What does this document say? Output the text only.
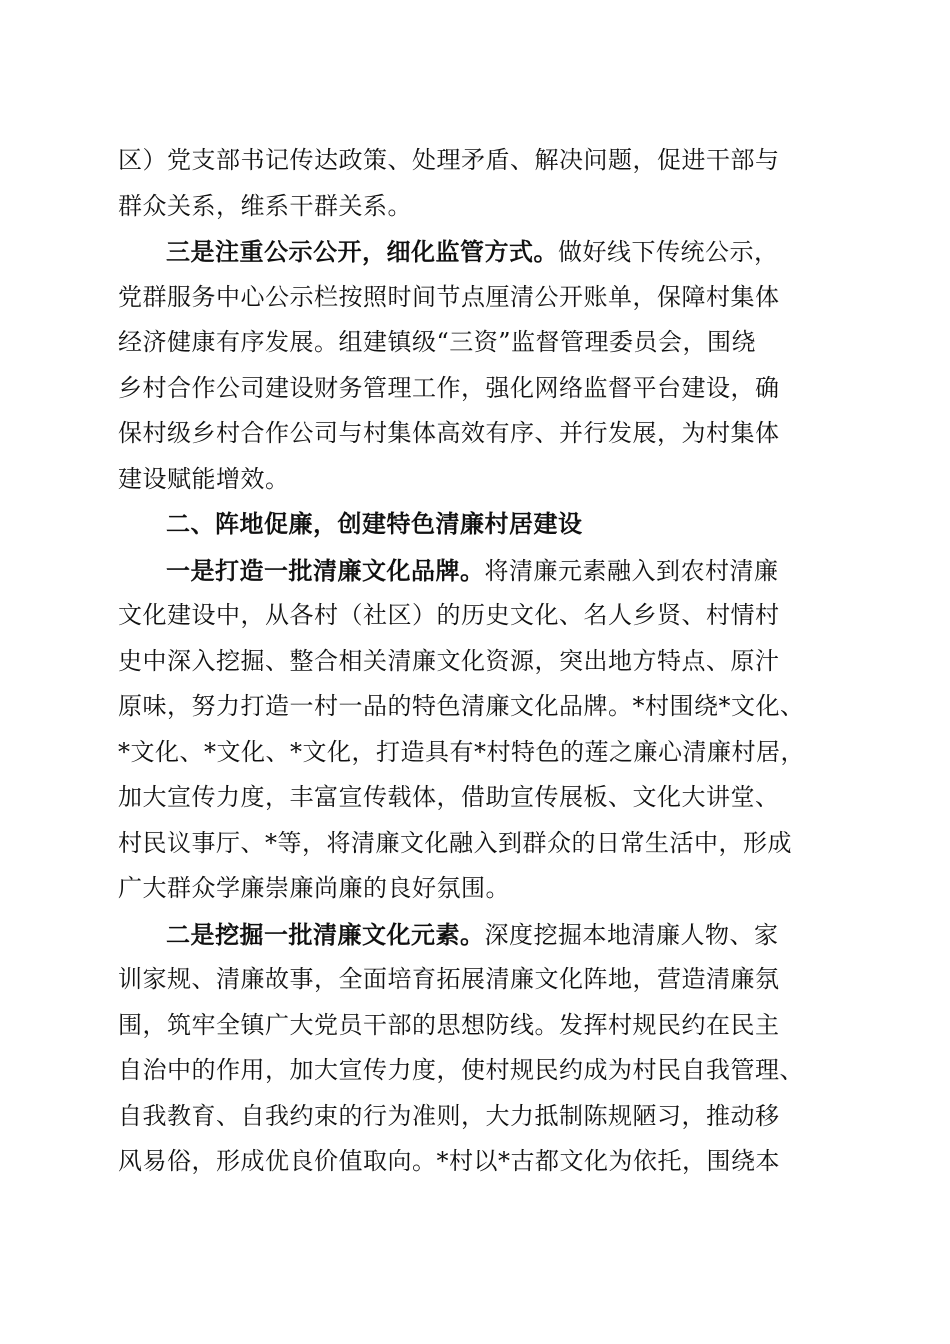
区）党支部书记传达政策、处理矛盾、解决问题，促进干部与
群众关系，维系干群关系。
三是注重公示公开，细化监管方式。做好线下传统公示，
党群服务中心公示栏按照时间节点厘清公开账单，保障村集体
经济健康有序发展。组建镇级“三资”监督管理委员会，围绕
乡村合作公司建设财务管理工作，强化网络监督平台建设，确
保村级乡村合作公司与村集体高效有序、并行发展，为村集体
建设赋能增效。
二、阵地促廉，创建特色清廉村居建设
一是打造一批清廉文化品牌。将清廉元素融入到农村清廉
文化建设中，从各村（社区）的历史文化、名人乡贤、村情村
史中深入挖掘、整合相关清廉文化资源，突出地方特点、原汁
原味，努力打造一村一品的特色清廉文化品牌。*村围绕*文化、
*文化、*文化、*文化，打造具有*村特色的莲之廉心清廉村居，
加大宣传力度，丰富宣传载体，借助宣传展板、文化大讲堂、
村民议事厅、*等，将清廉文化融入到群众的日常生活中，形成
广大群众学廉崇廉尚廉的良好氛围。
二是挖掘一批清廉文化元素。深度挖掘本地清廉人物、家
训家规、清廉故事，全面培育拓展清廉文化阵地，营造清廉氛
围，筑牢全镇广大党员干部的思想防线。发挥村规民约在民主
自治中的作用，加大宣传力度，使村规民约成为村民自我管理、
自我教育、自我约束的行为准则，大力抵制陈规陋习，推动移
风易俗，形成优良价值取向。*村以*古都文化为依托，围绕本
